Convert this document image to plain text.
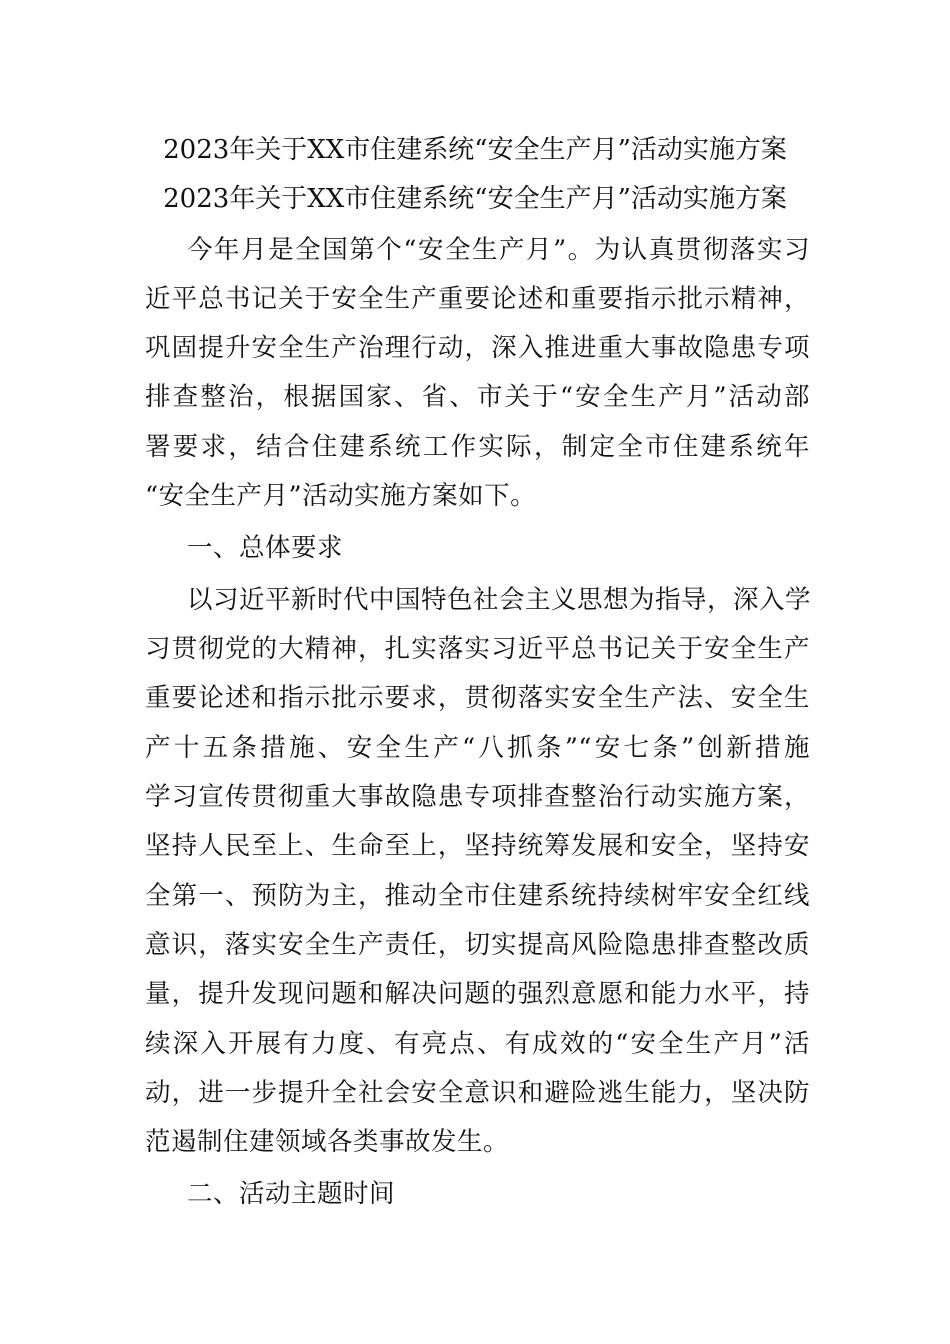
2023年关于XX市住建系统“安全生产月”活动实施方案
2023年关于XX市住建系统“安全生产月”活动实施方案
今年月是全国第个“安全生产月”。为认真贯彻落实习
近平总书记关于安全生产重要论述和重要指示批示精神，
巩固提升安全生产治理行动，深入推进重大事故隐患专项
排查整治，根据国家、省、市关于“安全生产月”活动部
署要求，结合住建系统工作实际，制定全市住建系统年
“安全生产月”活动实施方案如下。
一、总体要求
以习近平新时代中国特色社会主义思想为指导，深入学
习贯彻党的大精神，扎实落实习近平总书记关于安全生产
重要论述和指示批示要求，贯彻落实安全生产法、安全生
产十五条措施、安全生产“八抓条”“安七条”创新措施
学习宣传贯彻重大事故隐患专项排查整治行动实施方案，
坚持人民至上、生命至上，坚持统筹发展和安全，坚持安
全第一、预防为主，推动全市住建系统持续树牢安全红线
意识，落实安全生产责任，切实提高风险隐患排查整改质
量，提升发现问题和解决问题的强烈意愿和能力水平，持
续深入开展有力度、有亮点、有成效的“安全生产月”活
动，进一步提升全社会安全意识和避险逃生能力，坚决防
范遏制住建领域各类事故发生。
二、活动主题时间
